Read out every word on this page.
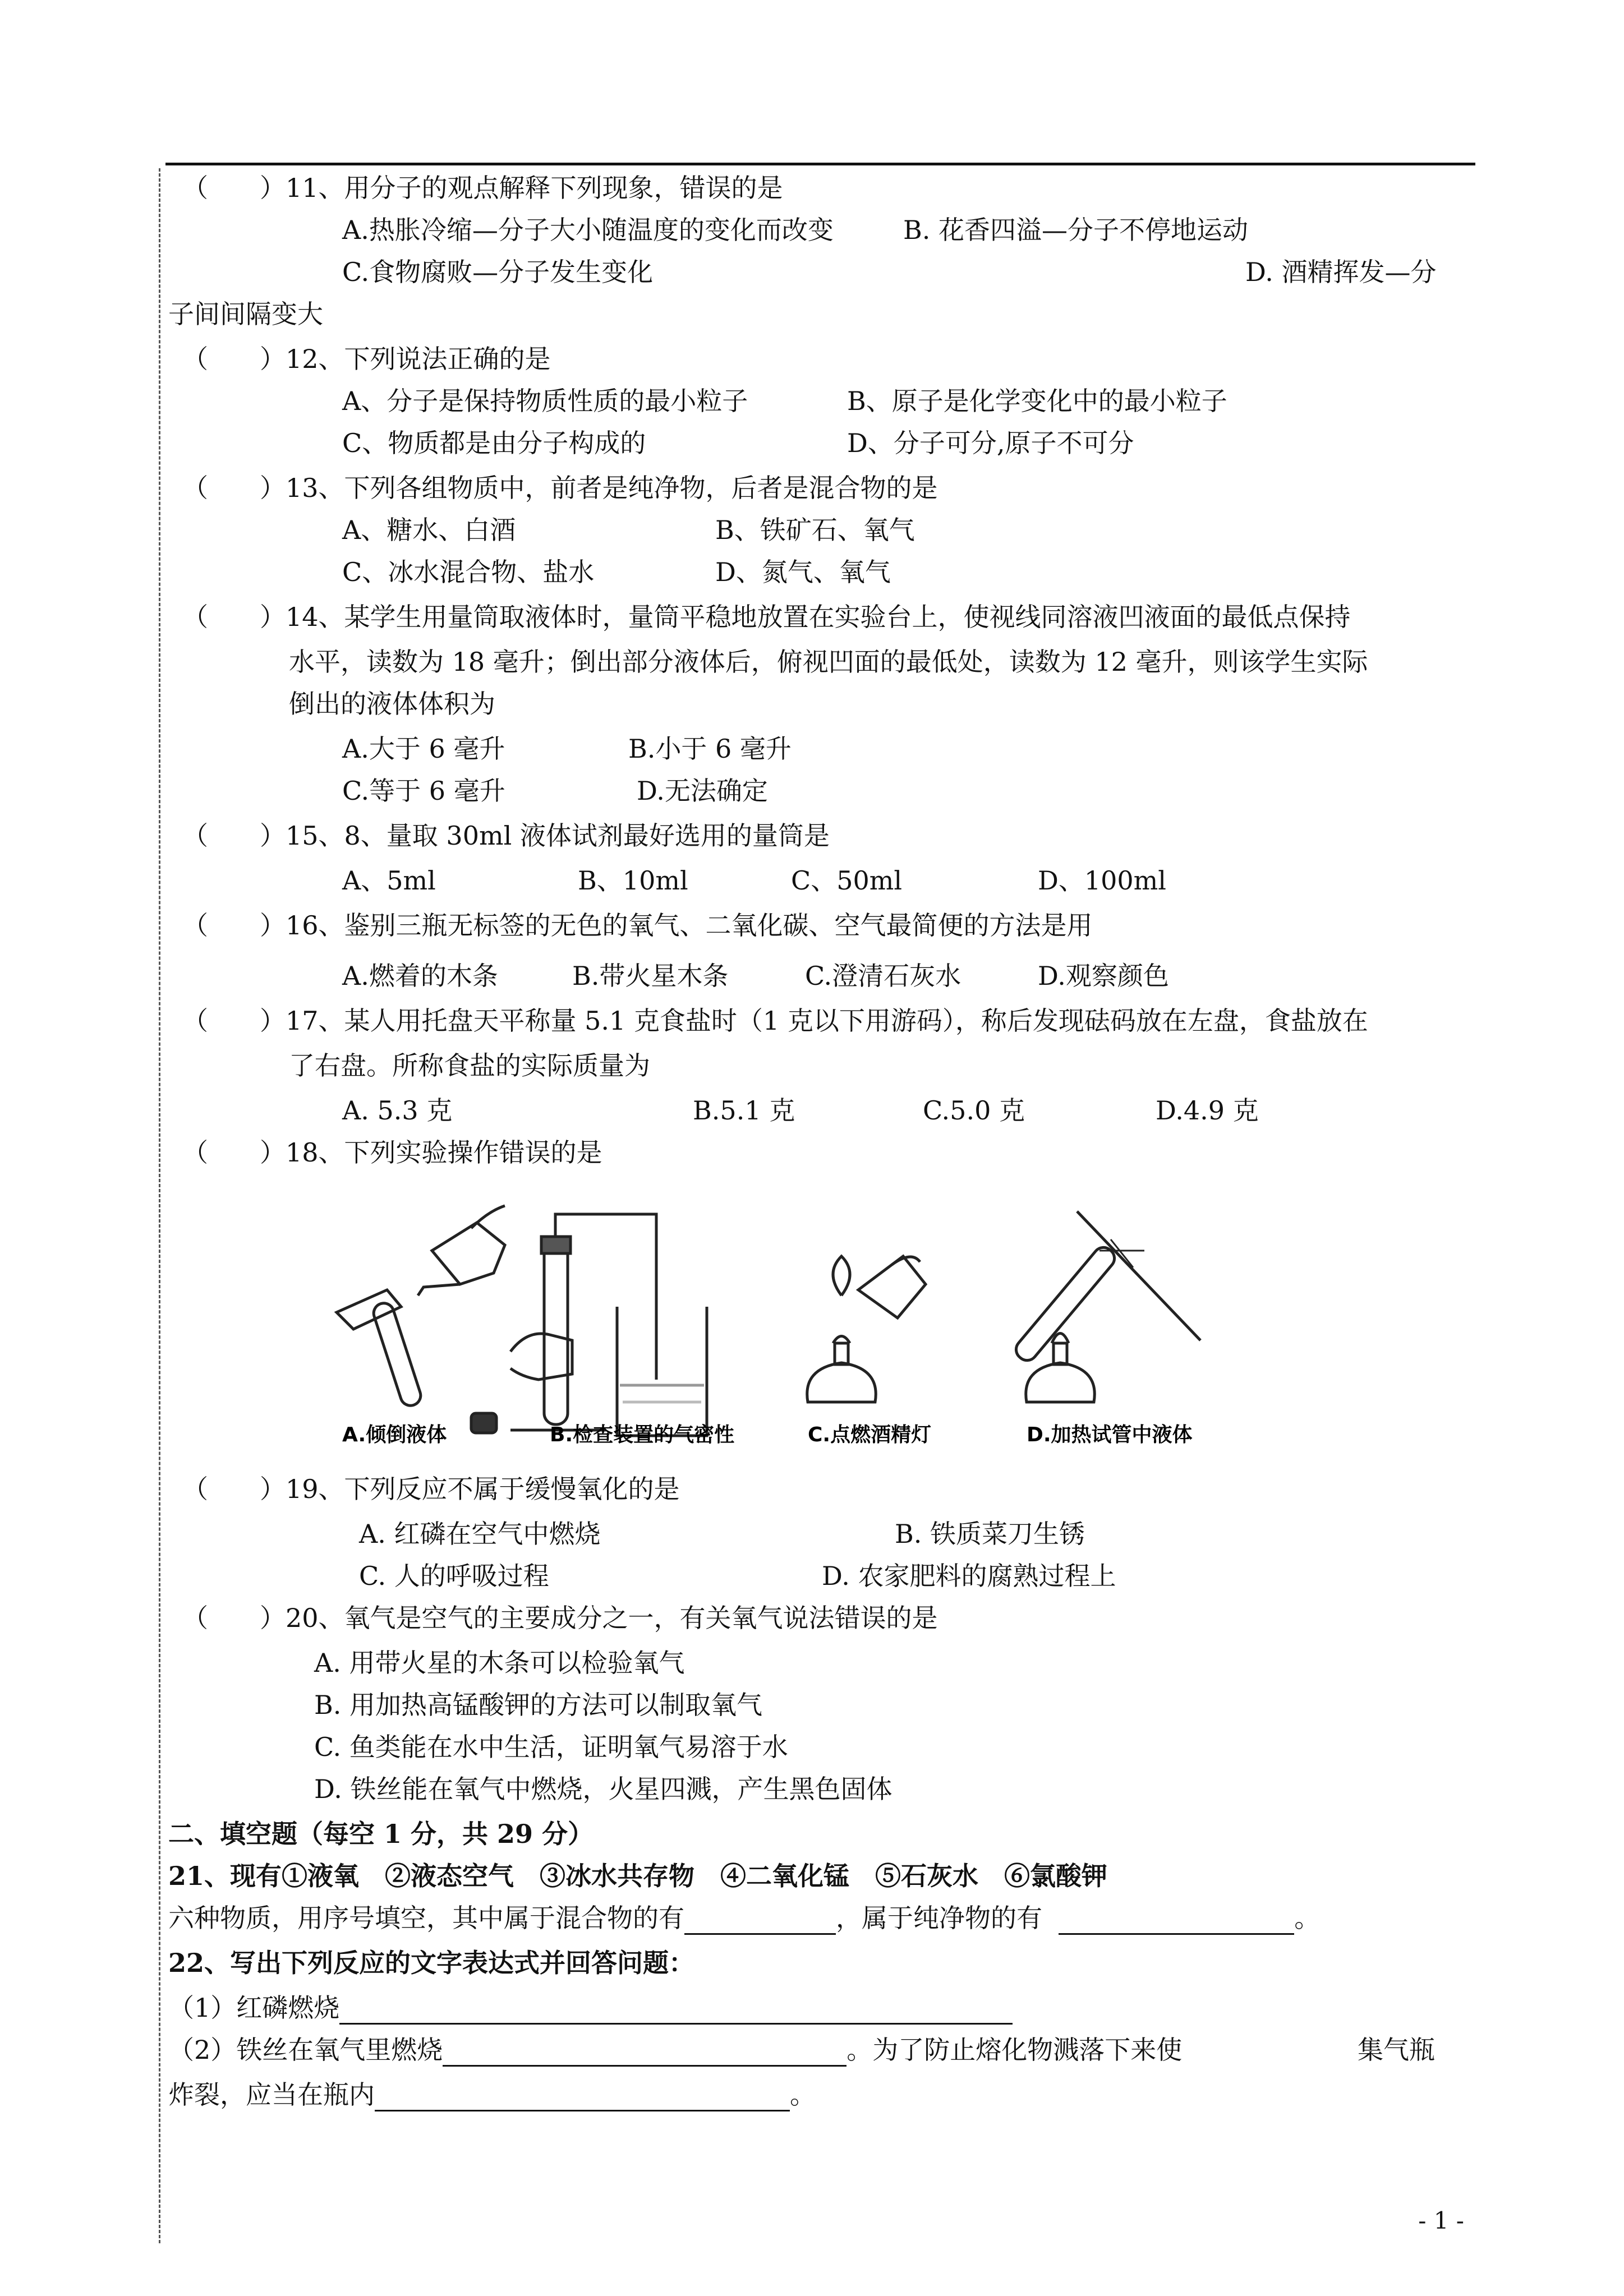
（　　）11、用分子的观点解释下列现象，错误的是
A.热胀冷缩—分子大小随温度的变化而改变	B. 花香四溢—分子不停地运动
C.食物腐败—分子发生变化	D. 酒精挥发—分
子间间隔变大
（　　）12、下列说法正确的是
A、分子是保持物质性质的最小粒子	B、原子是化学变化中的最小粒子
C、物质都是由分子构成的	D、分子可分,原子不可分
（　　）13、下列各组物质中，前者是纯净物，后者是混合物的是
A、糖水、白酒	B、铁矿石、氧气
C、冰水混合物、盐水	D、氮气、氧气
（　　）14、某学生用量筒取液体时，量筒平稳地放置在实验台上，使视线同溶液凹液面的最低点保持
水平，读数为 18 毫升；倒出部分液体后，俯视凹面的最低处，读数为 12 毫升，则该学生实际
倒出的液体体积为
A.大于 6 毫升	B.小于 6 毫升
C.等于 6 毫升	D.无法确定
（　　）15、8、量取 30ml 液体试剂最好选用的量筒是
A、5ml	B、10ml	C、50ml	D、100ml
（　　）16、鉴别三瓶无标签的无色的氧气、二氧化碳、空气最简便的方法是用
A.燃着的木条	B.带火星木条	C.澄清石灰水	D.观察颜色
（　　）17、某人用托盘天平称量 5.1 克食盐时（1 克以下用游码），称后发现砝码放在左盘，食盐放在
了右盘。所称食盐的实际质量为
A. 5.3 克	B.5.1 克	C.5.0 克	D.4.9 克
（　　）18、下列实验操作错误的是
A.倾倒液体	B.检查装置的气密性	C.点燃酒精灯	D.加热试管中液体
（　　）19、下列反应不属于缓慢氧化的是
A. 红磷在空气中燃烧	B. 铁质菜刀生锈
C. 人的呼吸过程	D. 农家肥料的腐熟过程上
（　　）20、氧气是空气的主要成分之一，有关氧气说法错误的是
A. 用带火星的木条可以检验氧气
B. 用加热高锰酸钾的方法可以制取氧气
C. 鱼类能在水中生活，证明氧气易溶于水
D. 铁丝能在氧气中燃烧，火星四溅，产生黑色固体
二、填空题（每空 1 分，共 29 分）
21、现有①液氧　②液态空气　③冰水共存物　④二氧化锰　⑤石灰水　⑥氯酸钾
六种物质，用序号填空，其中属于混合物的有	，属于纯净物的有	。
22、写出下列反应的文字表达式并回答问题：
（1）红磷燃烧
（2）铁丝在氧气里燃烧	。为了防止熔化物溅落下来使	集气瓶
炸裂，应当在瓶内	。
- 1 -
